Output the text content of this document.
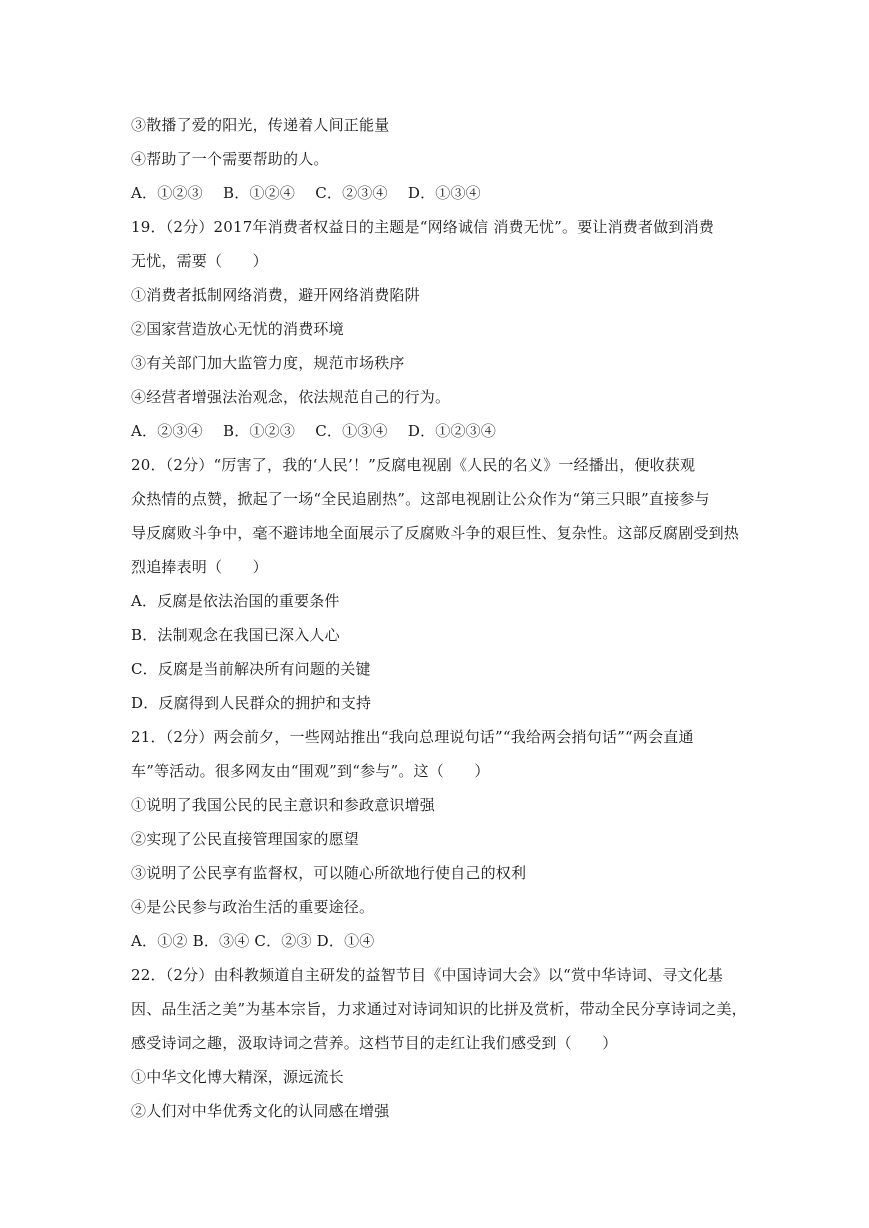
③散播了爱的阳光，传递着人间正能量
④帮助了一个需要帮助的人。
A．①②③　 B．①②④　 C．②③④　 D．①③④
19．（2分）2017年消费者权益日的主题是“网络诚信 消费无忧”。要让消费者做到消费
无忧，需要（　　）
①消费者抵制网络消费，避开网络消费陷阱
②国家营造放心无忧的消费环境
③有关部门加大监管力度，规范市场秩序
④经营者增强法治观念，依法规范自己的行为。
A．②③④　 B．①②③　 C．①③④　 D．①②③④
20．（2分）“厉害了，我的‘人民’！”反腐电视剧《人民的名义》一经播出，便收获观
众热情的点赞，掀起了一场“全民追剧热”。这部电视剧让公众作为“第三只眼”直接参与
导反腐败斗争中，毫不避讳地全面展示了反腐败斗争的艰巨性、复杂性。这部反腐剧受到热
烈追捧表明（　　）
A．反腐是依法治国的重要条件
B．法制观念在我国已深入人心
C．反腐是当前解决所有问题的关键
D．反腐得到人民群众的拥护和支持
21．（2分）两会前夕，一些网站推出“我向总理说句话”“我给两会捎句话”“两会直通
车”等活动。很多网友由“围观”到“参与”。这（　　）
①说明了我国公民的民主意识和参政意识增强
②实现了公民直接管理国家的愿望
③说明了公民享有监督权，可以随心所欲地行使自己的权利
④是公民参与政治生活的重要途径。
A．①② B．③④ C．②③ D．①④
22．（2分）由科教频道自主研发的益智节目《中国诗词大会》以“赏中华诗词、寻文化基
因、品生活之美”为基本宗旨，力求通过对诗词知识的比拼及赏析，带动全民分享诗词之美，
感受诗词之趣，汲取诗词之营养。这档节目的走红让我们感受到（　　）
①中华文化博大精深，源远流长
②人们对中华优秀文化的认同感在增强
